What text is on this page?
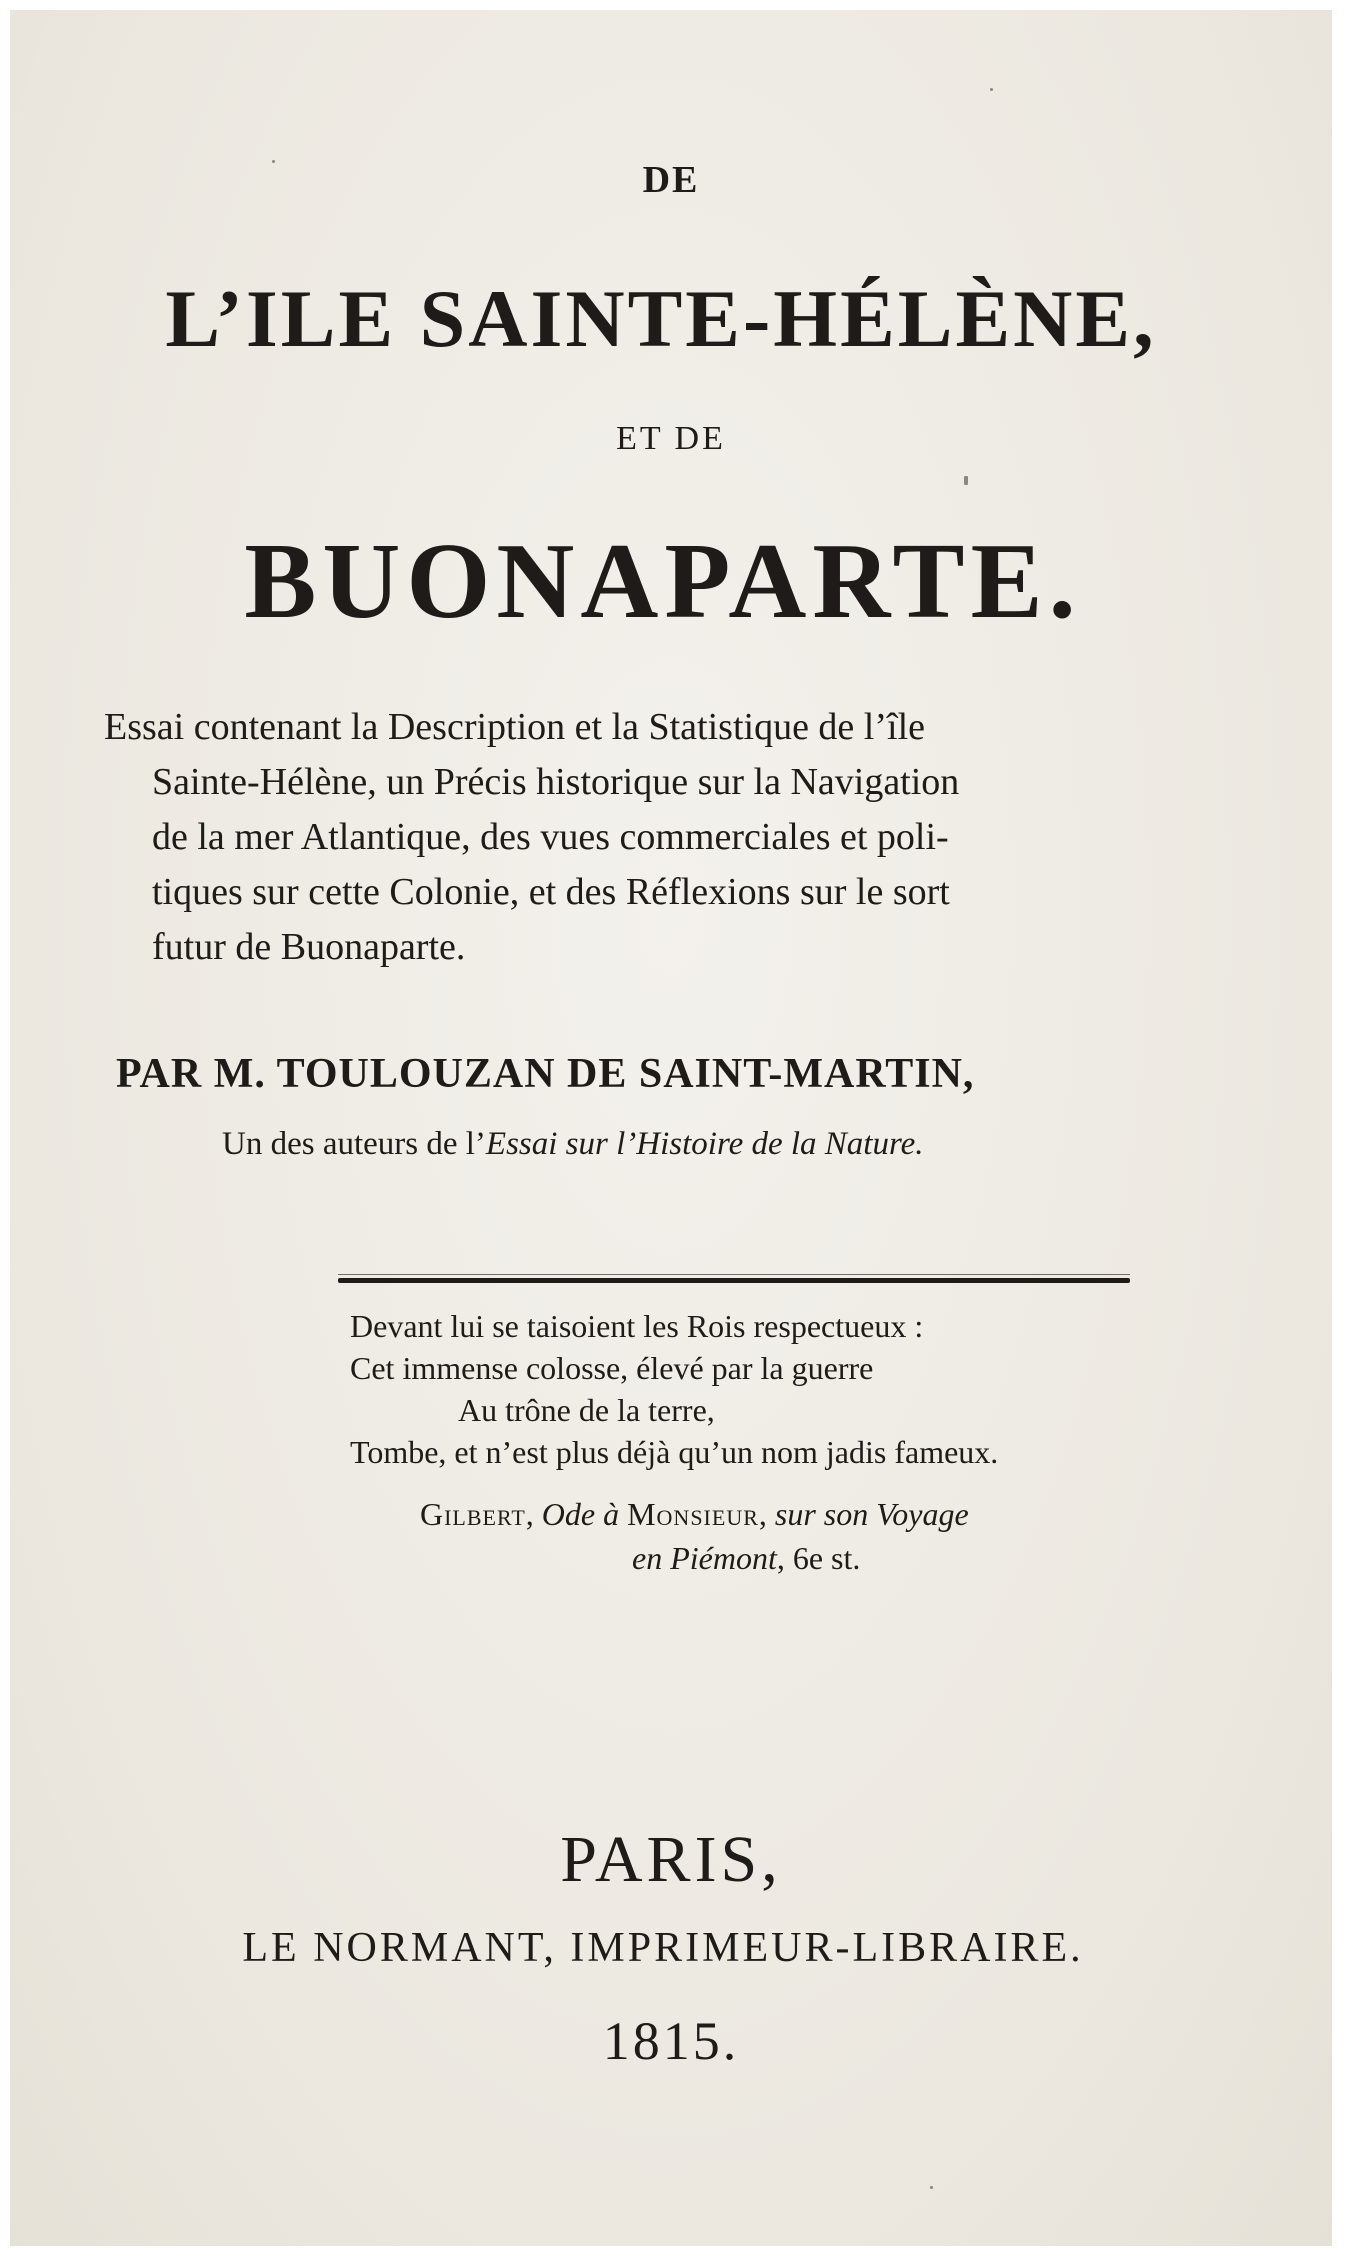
DE

L’ILE SAINTE-HÉLÈNE,

ET DE

BUONAPARTE.

Essai contenant la Description et la Statistique de l’île
Sainte-Hélène, un Précis historique sur la Navigation
de la mer Atlantique, des vues commerciales et poli-
tiques sur cette Colonie, et des Réflexions sur le sort
futur de Buonaparte.
PAR M. TOULOUZAN DE SAINT-MARTIN,
Un des auteurs de l’Essai sur l’Histoire de la Nature.
Devant lui se taisoient les Rois respectueux :
Cet immense colosse, élevé par la guerre
Au trône de la terre,
Tombe, et n’est plus déjà qu’un nom jadis fameux.
Gilbert, Ode à Monsieur, sur son Voyage
en Piémont, 6e st.

PARIS,

LE NORMANT, IMPRIMEUR-LIBRAIRE.

1815.
